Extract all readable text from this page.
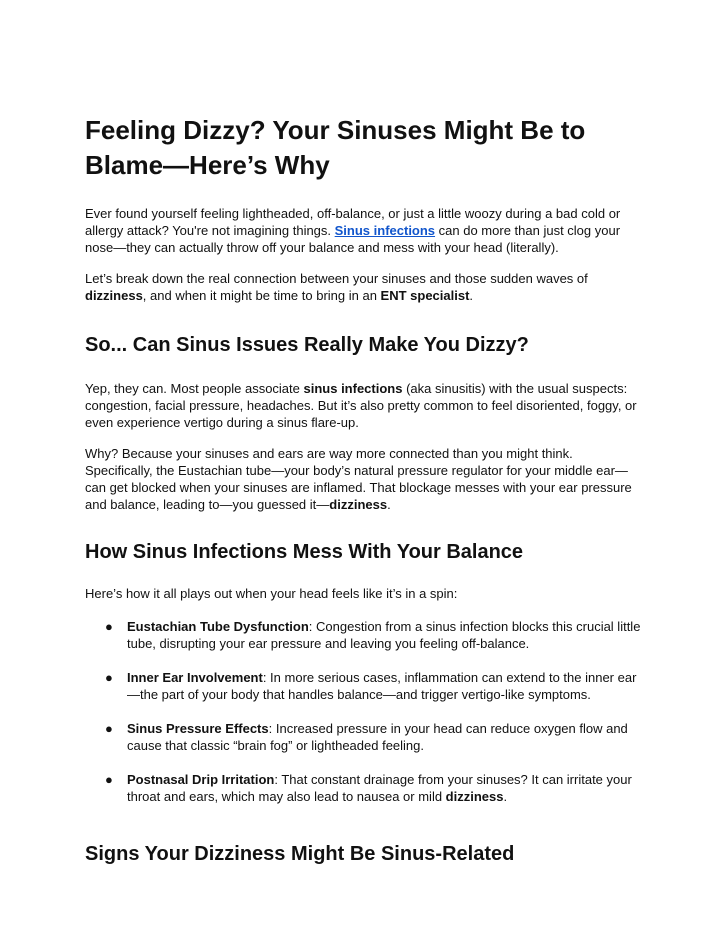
Feeling Dizzy? Your Sinuses Might Be to Blame—Here’s Why

Ever found yourself feeling lightheaded, off-balance, or just a little woozy during a bad cold or allergy attack? You're not imagining things. Sinus infections can do more than just clog your nose—they can actually throw off your balance and mess with your head (literally).

Let’s break down the real connection between your sinuses and those sudden waves of dizziness, and when it might be time to bring in an ENT specialist.

So... Can Sinus Issues Really Make You Dizzy?

Yep, they can. Most people associate sinus infections (aka sinusitis) with the usual suspects: congestion, facial pressure, headaches. But it’s also pretty common to feel disoriented, foggy, or even experience vertigo during a sinus flare-up.

Why? Because your sinuses and ears are way more connected than you might think. Specifically, the Eustachian tube—your body’s natural pressure regulator for your middle ear—can get blocked when your sinuses are inflamed. That blockage messes with your ear pressure and balance, leading to—you guessed it—dizziness.

How Sinus Infections Mess With Your Balance

Here’s how it all plays out when your head feels like it’s in a spin:

● Eustachian Tube Dysfunction: Congestion from a sinus infection blocks this crucial little tube, disrupting your ear pressure and leaving you feeling off-balance.
● Inner Ear Involvement: In more serious cases, inflammation can extend to the inner ear—the part of your body that handles balance—and trigger vertigo-like symptoms.
● Sinus Pressure Effects: Increased pressure in your head can reduce oxygen flow and cause that classic “brain fog” or lightheaded feeling.
● Postnasal Drip Irritation: That constant drainage from your sinuses? It can irritate your throat and ears, which may also lead to nausea or mild dizziness.
Signs Your Dizziness Might Be Sinus-Related
